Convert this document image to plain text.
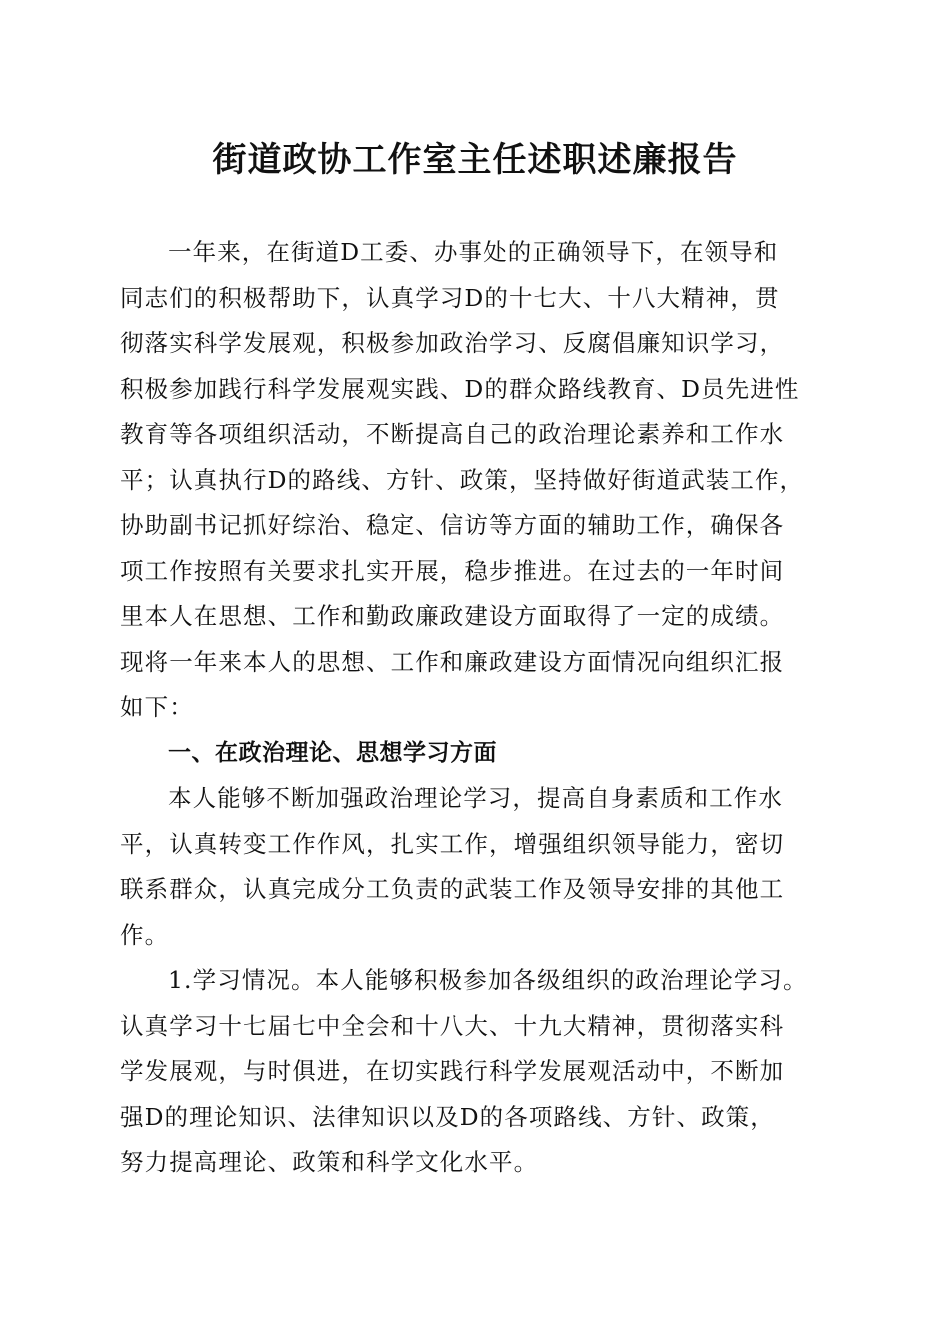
街道政协工作室主任述职述廉报告
一年来，在街道D工委、办事处的正确领导下，在领导和
同志们的积极帮助下，认真学习D的十七大、十八大精神，贯
彻落实科学发展观，积极参加政治学习、反腐倡廉知识学习，
积极参加践行科学发展观实践、D的群众路线教育、D员先进性
教育等各项组织活动，不断提高自己的政治理论素养和工作水
平；认真执行D的路线、方针、政策，坚持做好街道武装工作，
协助副书记抓好综治、稳定、信访等方面的辅助工作，确保各
项工作按照有关要求扎实开展，稳步推进。在过去的一年时间
里本人在思想、工作和勤政廉政建设方面取得了一定的成绩。
现将一年来本人的思想、工作和廉政建设方面情况向组织汇报
如下：
一、在政治理论、思想学习方面
本人能够不断加强政治理论学习，提高自身素质和工作水
平，认真转变工作作风，扎实工作，增强组织领导能力，密切
联系群众，认真完成分工负责的武装工作及领导安排的其他工
作。
1.学习情况。本人能够积极参加各级组织的政治理论学习。
认真学习十七届七中全会和十八大、十九大精神，贯彻落实科
学发展观，与时俱进，在切实践行科学发展观活动中，不断加
强D的理论知识、法律知识以及D的各项路线、方针、政策，
努力提高理论、政策和科学文化水平。
